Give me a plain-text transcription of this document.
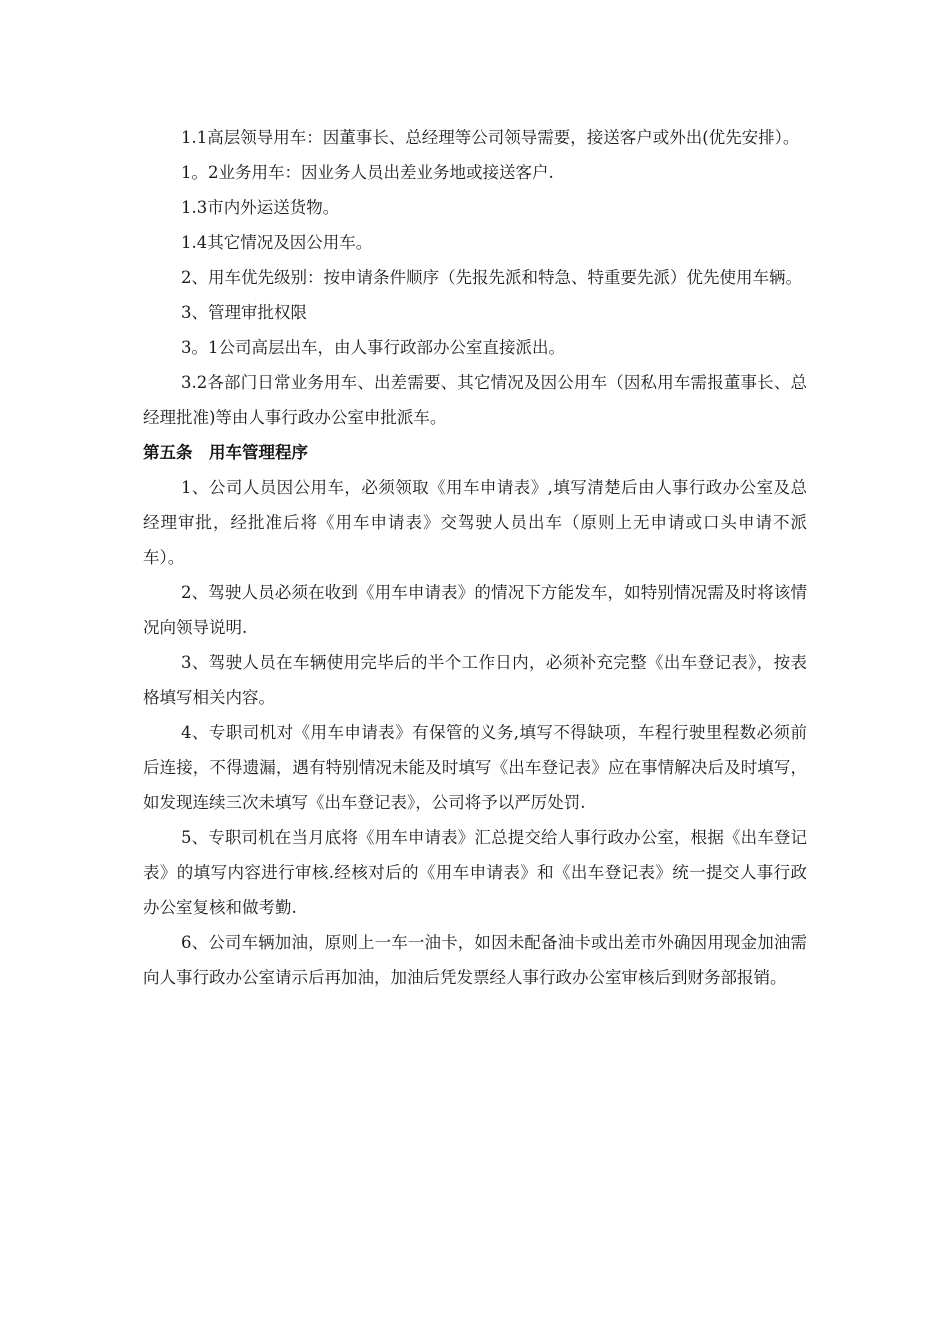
1.1高层领导用车：因董事长、总经理等公司领导需要，接送客户或外出(优先安排）。

1。2业务用车：因业务人员出差业务地或接送客户.

1.3市内外运送货物。

1.4其它情况及因公用车。

2、用车优先级别：按申请条件顺序（先报先派和特急、特重要先派）优先使用车辆。

3、管理审批权限

3。1公司高层出车，由人事行政部办公室直接派出。

3.2各部门日常业务用车、出差需要、其它情况及因公用车（因私用车需报董事长、总经理批准)等由人事行政办公室申批派车。

第五条　用车管理程序

1、公司人员因公用车，必须领取《用车申请表》,填写清楚后由人事行政办公室及总经理审批，经批准后将《用车申请表》交驾驶人员出车（原则上无申请或口头申请不派车）。

2、驾驶人员必须在收到《用车申请表》的情况下方能发车，如特别情况需及时将该情况向领导说明.

3、驾驶人员在车辆使用完毕后的半个工作日内，必须补充完整《出车登记表》，按表格填写相关内容。

4、专职司机对《用车申请表》有保管的义务,填写不得缺项，车程行驶里程数必须前后连接，不得遗漏，遇有特别情况未能及时填写《出车登记表》应在事情解决后及时填写，如发现连续三次未填写《出车登记表》，公司将予以严厉处罚.

5、专职司机在当月底将《用车申请表》汇总提交给人事行政办公室，根据《出车登记表》的填写内容进行审核.经核对后的《用车申请表》和《出车登记表》统一提交人事行政办公室复核和做考勤.

6、公司车辆加油，原则上一车一油卡，如因未配备油卡或出差市外确因用现金加油需向人事行政办公室请示后再加油，加油后凭发票经人事行政办公室审核后到财务部报销。
